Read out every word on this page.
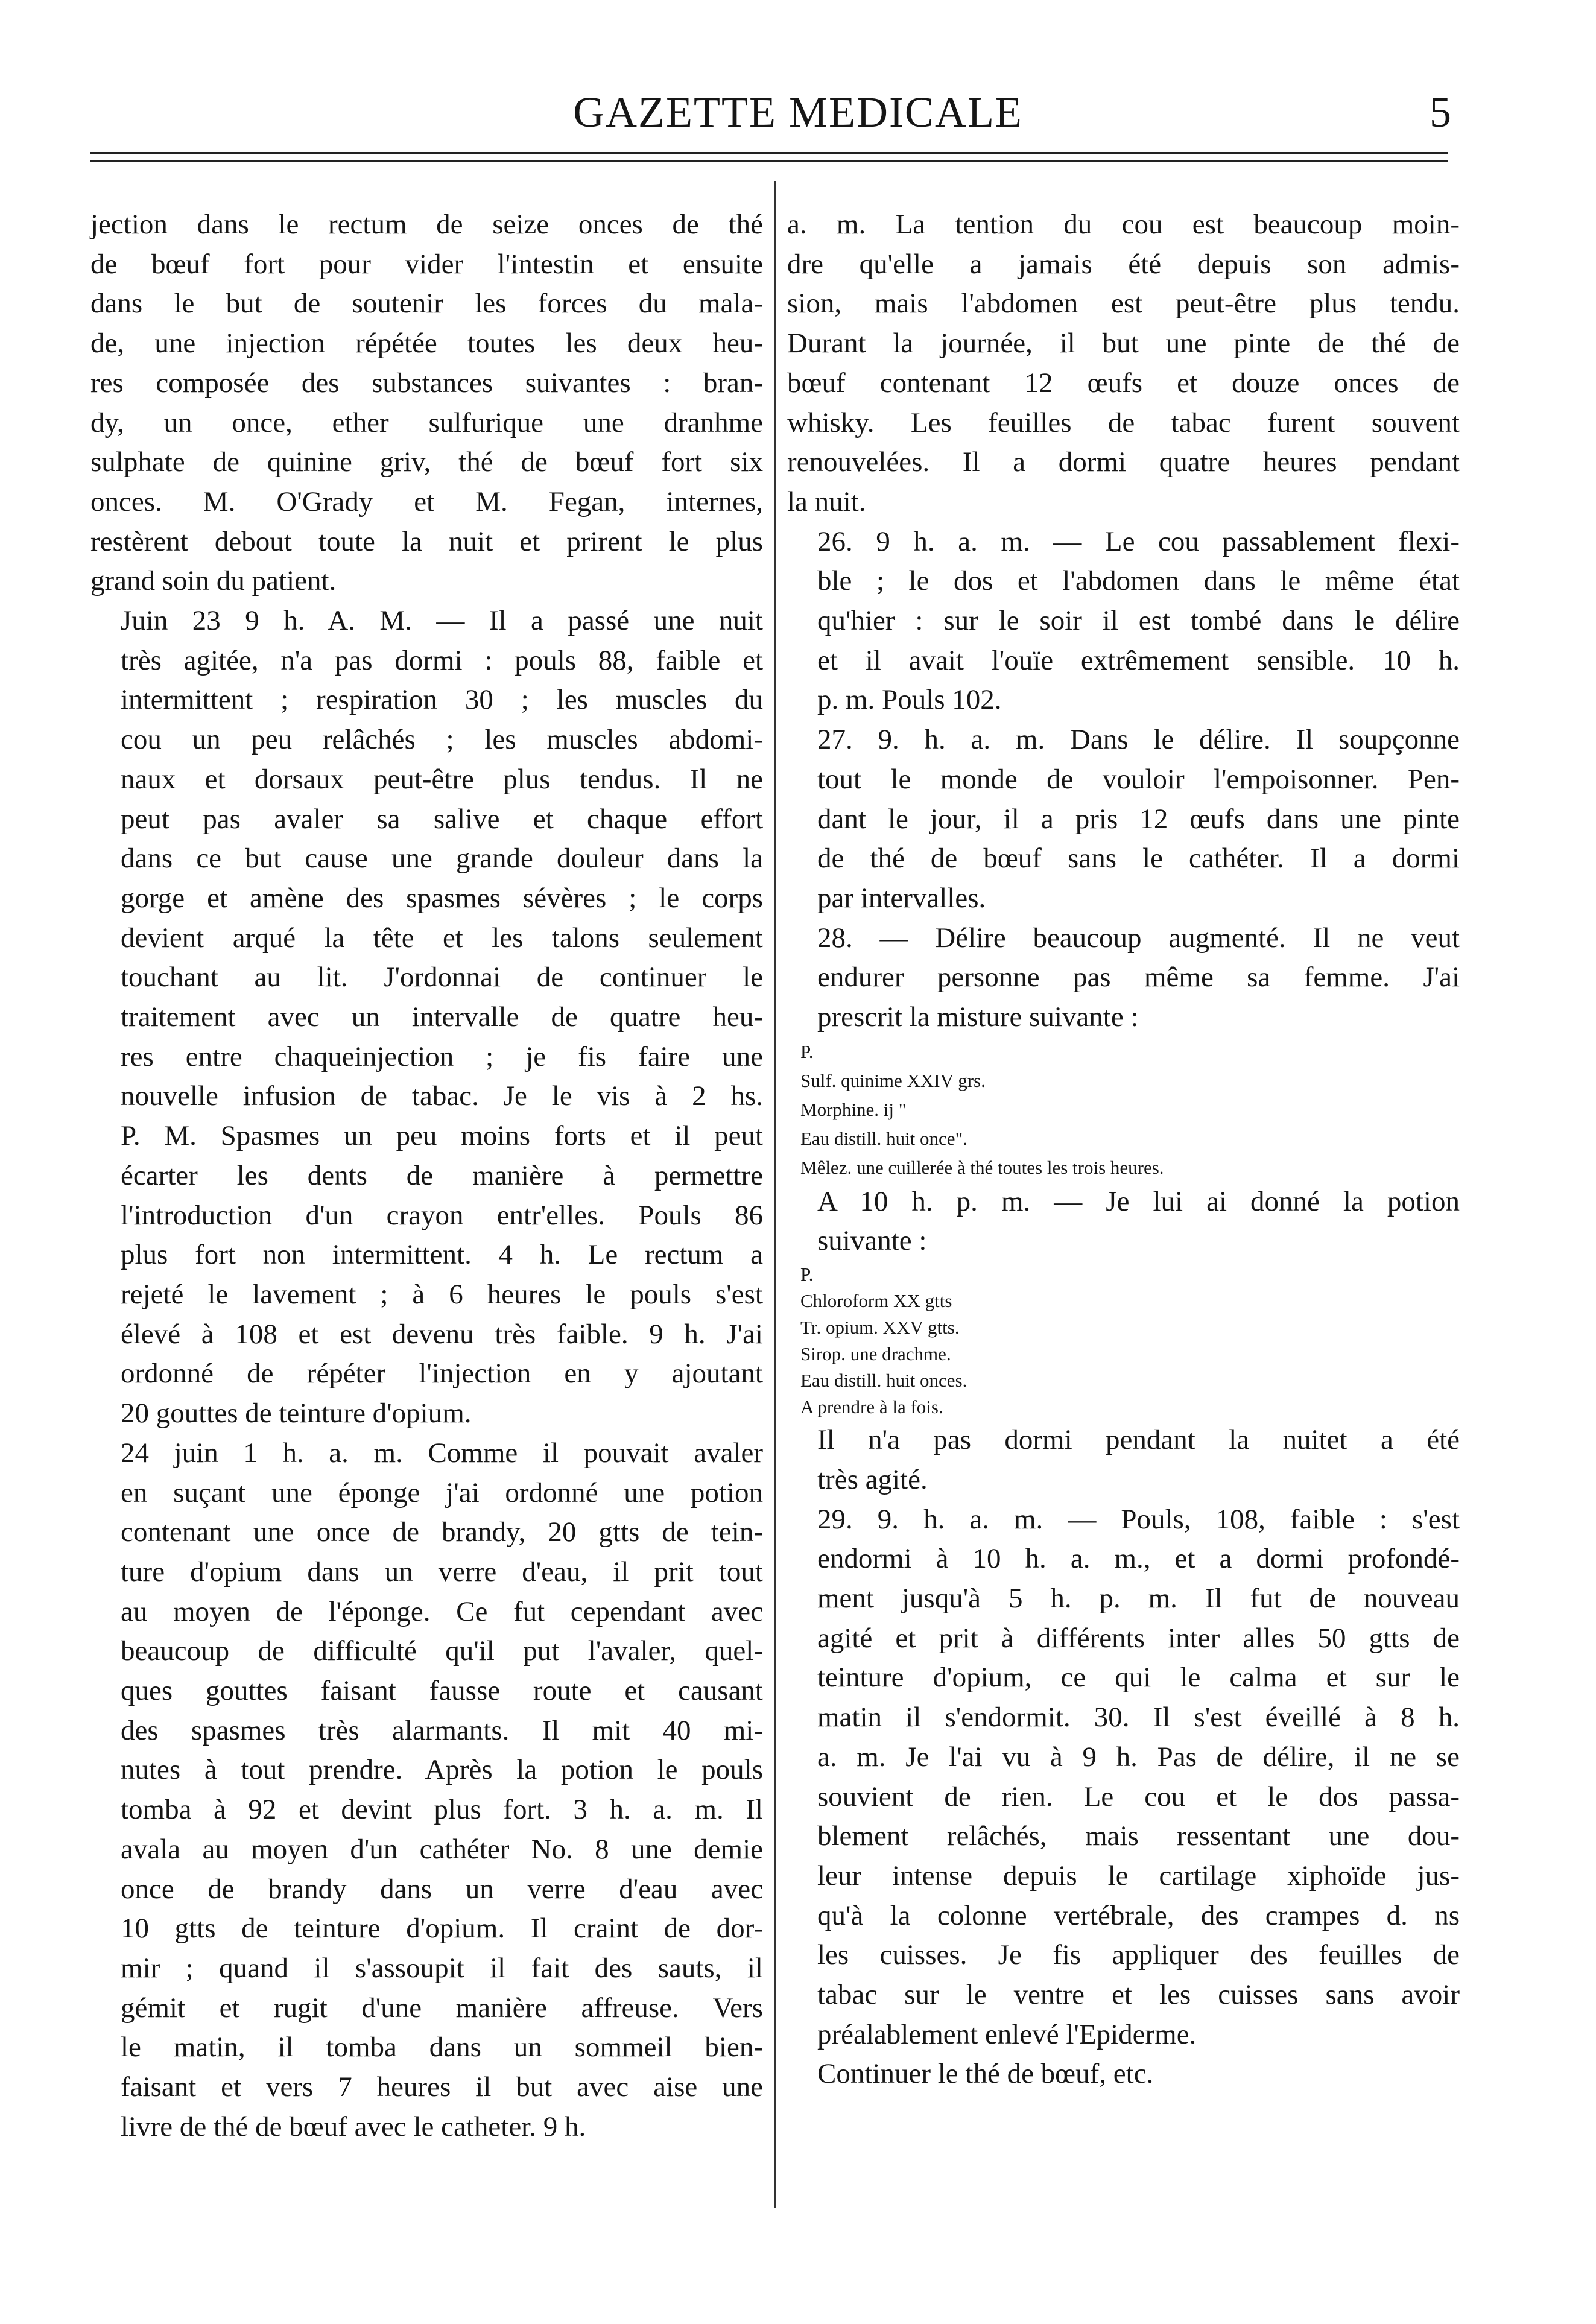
GAZETTE MEDICALE	5

jection dans le rectum de seize onces de thé
de bœuf fort pour vider l'intestin et ensuite
dans le but de soutenir les forces du mala-
de, une injection répétée toutes les deux heu-
res composée des substances suivantes : bran-
dy, un once, ether sulfurique une dranhme
sulphate de quinine griv, thé de bœuf fort six
onces. M. O'Grady et M. Fegan, internes,
restèrent debout toute la nuit et prirent le plus
grand soin du patient.

Juin 23 9 h. A. M. — Il a passé une nuit
très agitée, n'a pas dormi : pouls 88, faible et
intermittent ; respiration 30 ; les muscles du
cou un peu relâchés ; les muscles abdomi-
naux et dorsaux peut-être plus tendus. Il ne
peut pas avaler sa salive et chaque effort
dans ce but cause une grande douleur dans la
gorge et amène des spasmes sévères ; le corps
devient arqué la tête et les talons seulement
touchant au lit. J'ordonnai de continuer le
traitement avec un intervalle de quatre heu-
res entre chaqueinjection ; je fis faire une
nouvelle infusion de tabac. Je le vis à 2 hs.
P. M. Spasmes un peu moins forts et il peut
écarter les dents de manière à permettre
l'introduction d'un crayon entr'elles. Pouls 86
plus fort non intermittent. 4 h. Le rectum a
rejeté le lavement ; à 6 heures le pouls s'est
élevé à 108 et est devenu très faible. 9 h. J'ai
ordonné de répéter l'injection en y ajoutant
20 gouttes de teinture d'opium.

24 juin 1 h. a. m. Comme il pouvait avaler
en suçant une éponge j'ai ordonné une potion
contenant une once de brandy, 20 gtts de tein-
ture d'opium dans un verre d'eau, il prit tout
au moyen de l'éponge. Ce fut cependant avec
beaucoup de difficulté qu'il put l'avaler, quel-
ques gouttes faisant fausse route et causant
des spasmes très alarmants. Il mit 40 mi-
nutes à tout prendre. Après la potion le pouls
tomba à 92 et devint plus fort. 3 h. a. m. Il
avala au moyen d'un cathéter No. 8 une demie
once de brandy dans un verre d'eau avec
10 gtts de teinture d'opium. Il craint de dor-
mir ; quand il s'assoupit il fait des sauts, il
gémit et rugit d'une manière affreuse. Vers
le matin, il tomba dans un sommeil bien-
faisant et vers 7 heures il but avec aise une
livre de thé de bœuf avec le catheter. 9 h.

a. m. La tention du cou est beaucoup moin-
dre qu'elle a jamais été depuis son admis-
sion, mais l'abdomen est peut-être plus tendu.
Durant la journée, il but une pinte de thé de
bœuf contenant 12 œufs et douze onces de
whisky. Les feuilles de tabac furent souvent
renouvelées. Il a dormi quatre heures pendant
la nuit.

26. 9 h. a. m. — Le cou passablement flexi-
ble ; le dos et l'abdomen dans le même état
qu'hier : sur le soir il est tombé dans le délire
et il avait l'ouïe extrêmement sensible. 10 h.
p. m. Pouls 102.

27. 9. h. a. m. Dans le délire. Il soupçonne
tout le monde de vouloir l'empoisonner. Pen-
dant le jour, il a pris 12 œufs dans une pinte
de thé de bœuf sans le cathéter. Il a dormi
par intervalles.

28. — Délire beaucoup augmenté. Il ne veut
endurer personne pas même sa femme. J'ai
prescrit la misture suivante :

P.
Sulf. quinime XXIV grs.
Morphine. ij "
Eau distill. huit once".
Mêlez. une cuillerée à thé toutes les trois heures.

A 10 h. p. m. — Je lui ai donné la potion
suivante :

P.
Chloroform XX gtts
Tr. opium. XXV gtts.
Sirop. une drachme.
Eau distill. huit onces.
A prendre à la fois.

Il n'a pas dormi pendant la nuitet a été
très agité.

29. 9. h. a. m. — Pouls, 108, faible : s'est
endormi à 10 h. a. m., et a dormi profondé-
ment jusqu'à 5 h. p. m. Il fut de nouveau
agité et prit à différents inter alles 50 gtts de
teinture d'opium, ce qui le calma et sur le
matin il s'endormit. 30. Il s'est éveillé à 8 h.
a. m. Je l'ai vu à 9 h. Pas de délire, il ne se
souvient de rien. Le cou et le dos passa-
blement relâchés, mais ressentant une dou-
leur intense depuis le cartilage xiphoïde jus-
qu'à la colonne vertébrale, des crampes d. ns
les cuisses. Je fis appliquer des feuilles de
tabac sur le ventre et les cuisses sans avoir
préalablement enlevé l'Epiderme.

Continuer le thé de bœuf, etc.
